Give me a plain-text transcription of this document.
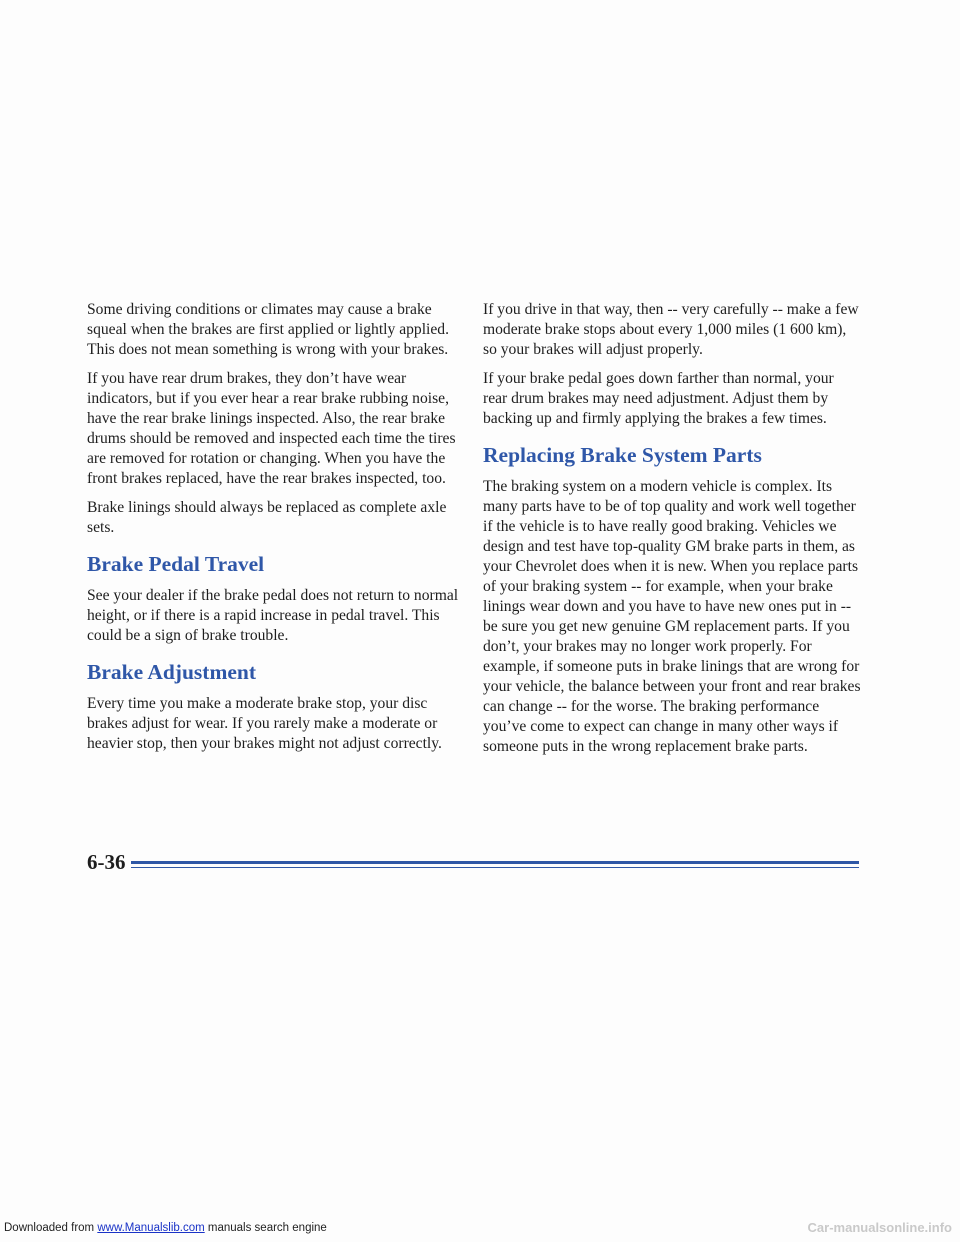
Some driving conditions or climates may cause a brake squeal when the brakes are first applied or lightly applied. This does not mean something is wrong with your brakes.

If you have rear drum brakes, they don’t have wear indicators, but if you ever hear a rear brake rubbing noise, have the rear brake linings inspected. Also, the rear brake drums should be removed and inspected each time the tires are removed for rotation or changing. When you have the front brakes replaced, have the rear brakes inspected, too.

Brake linings should always be replaced as complete axle sets.

Brake Pedal Travel

See your dealer if the brake pedal does not return to normal height, or if there is a rapid increase in pedal travel. This could be a sign of brake trouble.

Brake Adjustment

Every time you make a moderate brake stop, your disc brakes adjust for wear. If you rarely make a moderate or heavier stop, then your brakes might not adjust correctly.

If you drive in that way, then -- very carefully -- make a few moderate brake stops about every 1,000 miles (1 600 km), so your brakes will adjust properly.

If your brake pedal goes down farther than normal, your rear drum brakes may need adjustment. Adjust them by backing up and firmly applying the brakes a few times.

Replacing Brake System Parts

The braking system on a modern vehicle is complex. Its many parts have to be of top quality and work well together if the vehicle is to have really good braking. Vehicles we design and test have top-quality GM brake parts in them, as your Chevrolet does when it is new. When you replace parts of your braking system -- for example, when your brake linings wear down and you have to have new ones put in -- be sure you get new genuine GM replacement parts. If you don’t, your brakes may no longer work properly. For example, if someone puts in brake linings that are wrong for your vehicle, the balance between your front and rear brakes can change -- for the worse. The braking performance you’ve come to expect can change in many other ways if someone puts in the wrong replacement brake parts.

6-36
Downloaded from www.Manualslib.com manuals search engine	Car-manualsonline.info
